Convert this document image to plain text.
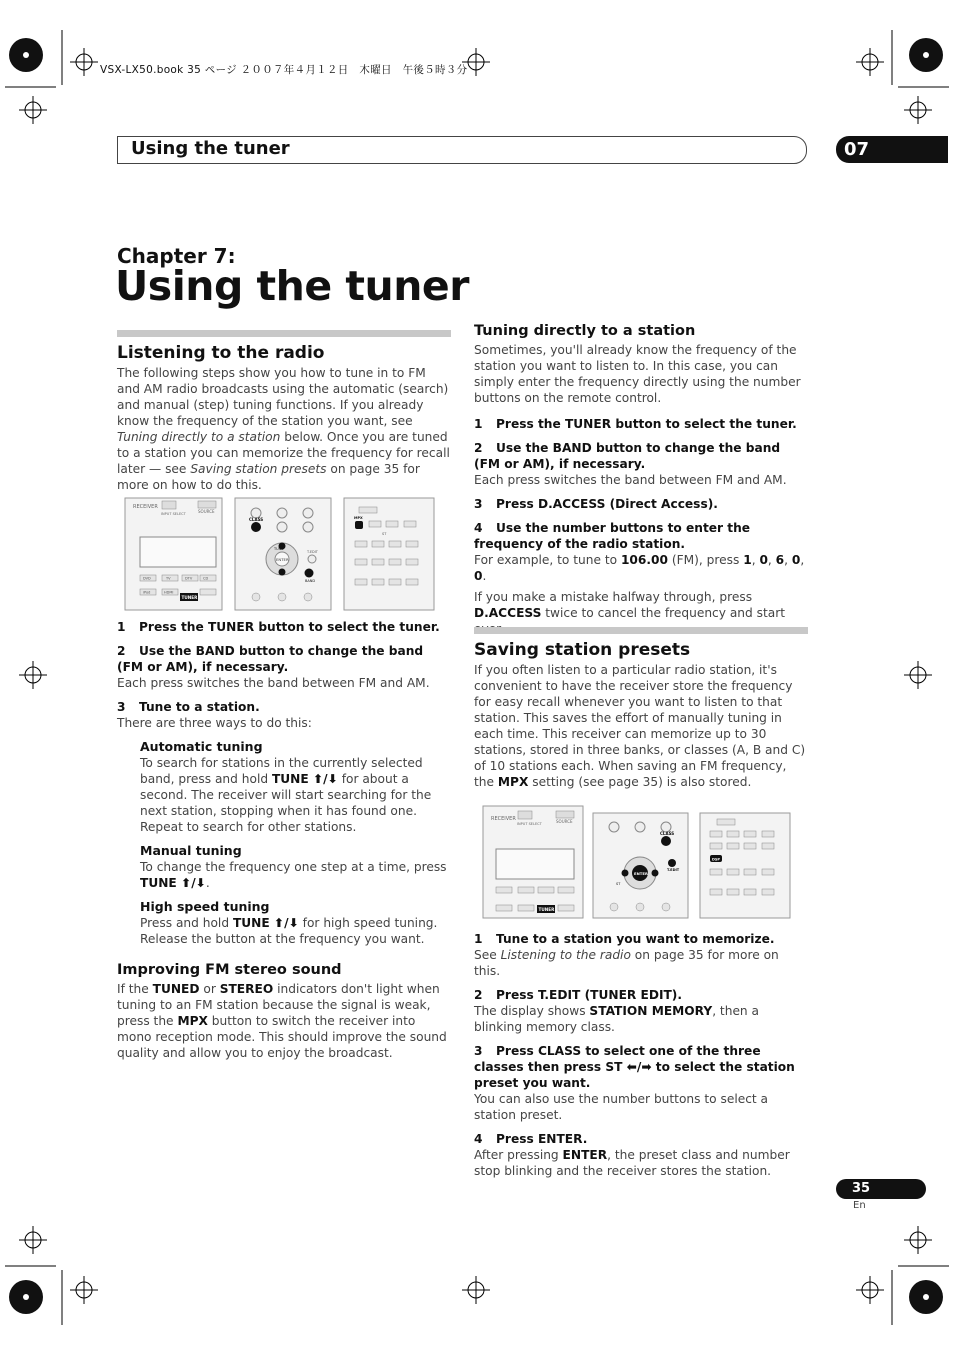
VSX-LX50.book 35 ページ ２００７年４月１２日　木曜日　午後５時３分
Using the tuner	07
Chapter 7:
Using the tuner
Listening to the radio

The following steps show you how to tune in to FM and AM radio broadcasts using the automatic (search) and manual (step) tuning functions. If you already know the frequency of the station you want, see Tuning directly to a station below. Once you are tuned to a station you can memorize the frequency for recall later — see Saving station presets on page 35 for more on how to do this.

RECEIVER
INPUT SELECT	SOURCE
DVD	TV	DTV	CD
iPod	HDMI
TUNER
CLASS
ENTER
TUNE
BAND
T.EDIT
MPX
ST

1 Press the TUNER button to select the tuner.

2 Use the BAND button to change the band (FM or AM), if necessary.

Each press switches the band between FM and AM.

3 Tune to a station.

There are three ways to do this:

Automatic tuning

To search for stations in the currently selected band, press and hold TUNE ⬆/⬇ for about a second. The receiver will start searching for the next station, stopping when it has found one. Repeat to search for other stations.

Manual tuning

To change the frequency one step at a time, press TUNE ⬆/⬇.

High speed tuning

Press and hold TUNE ⬆/⬇ for high speed tuning. Release the button at the frequency you want.

Improving FM stereo sound

If the TUNED or STEREO indicators don't light when tuning to an FM station because the signal is weak, press the MPX button to switch the receiver into mono reception mode. This should improve the sound quality and allow you to enjoy the broadcast.

Tuning directly to a station

Sometimes, you'll already know the frequency of the station you want to listen to. In this case, you can simply enter the frequency directly using the number buttons on the remote control.

1 Press the TUNER button to select the tuner.

2 Use the BAND button to change the band (FM or AM), if necessary.

Each press switches the band between FM and AM.

3 Press D.ACCESS (Direct Access).

4 Use the number buttons to enter the frequency of the radio station.

For example, to tune to 106.00 (FM), press 1, 0, 6, 0, 0.

If you make a mistake halfway through, press D.ACCESS twice to cancel the frequency and start

Saving station presets

If you often listen to a particular radio station, it's convenient to have the receiver store the frequency for easy recall whenever you want to listen to that station. This saves the effort of manually tuning in each time. This receiver can memorize up to 30 stations, stored in three banks, or classes (A, B and C) of 10 stations each. When saving an FM frequency, the MPX setting (see page 35) is also stored.

RECEIVER
INPUT SELECT	SOURCE
TUNER
CLASS
ENTER
ST
T.EDIT
DSP

1 Tune to a station you want to memorize.

See Listening to the radio on page 35 for more on this.

2 Press T.EDIT (TUNER EDIT).

The display shows STATION MEMORY, then a blinking memory class.

3 Press CLASS to select one of the three classes then press ST ⬅/➡ to select the station preset you want.

You can also use the number buttons to select a station preset.

4 Press ENTER.

After pressing ENTER, the preset class and number stop blinking and the receiver stores the station.

35
En
